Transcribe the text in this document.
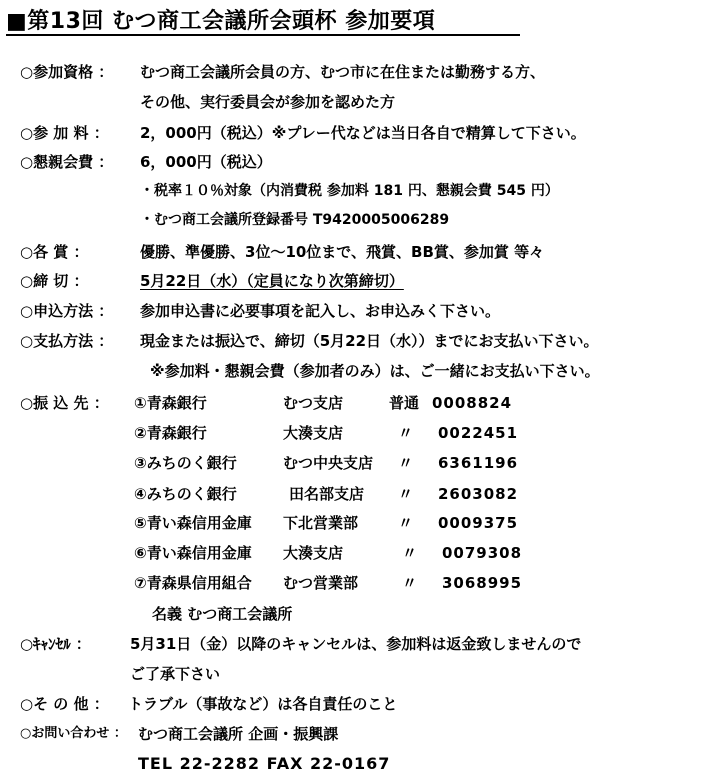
■第13回 むつ商工会議所会頭杯 参加要項
○参加資格 ： むつ商工会議所会員の方、むつ市に在住または勤務する方、
その他、実行委員会が参加を認めた方
○参 加 料 ： 2，000円（税込）※プレー代などは当日各自で精算して下さい。
○懇親会費 ： 6，000円（税込）
・税率１０％対象（内消費税 参加料 181 円、懇親会費 545 円）
・むつ商工会議所登録番号 T9420005006289
○各 賞 ：	優勝、準優勝、3位～10位まで、飛賞、BB賞、参加賞 等々
○締 切 ：	5月22日（水）（定員になり次第締切）
○申込方法 ： 参加申込書に必要事項を記入し、お申込みく下さい。
○支払方法 ： 現金または振込で、締切（5月22日（水））までにお支払い下さい。
※参加料・懇親会費（参加者のみ）は、ご一緒にお支払い下さい。
○振 込 先 ： ①青森銀行	むつ支店	普通 0008824
②青森銀行	大湊支店	〃 0022451
③みちのく銀行	むつ中央支店 〃 6361196
④みちのく銀行	田名部支店 〃 2603082
⑤青い森信用金庫 下北営業部	〃 0009375
⑥青い森信用金庫 大湊支店	〃 0079308
⑦青森県信用組合 むつ営業部	〃 3068995
名義 むつ商工会議所
○ｷｬﾝｾﾙ ：	5月31日（金）以降のキャンセルは、参加料は返金致しませんので
ご了承下さい
○そ の 他 ： トラブル（事故など）は各自責任のこと
○お問い合わせ ： むつ商工会議所 企画・振興課
TEL 22-2282 FAX 22-0167
